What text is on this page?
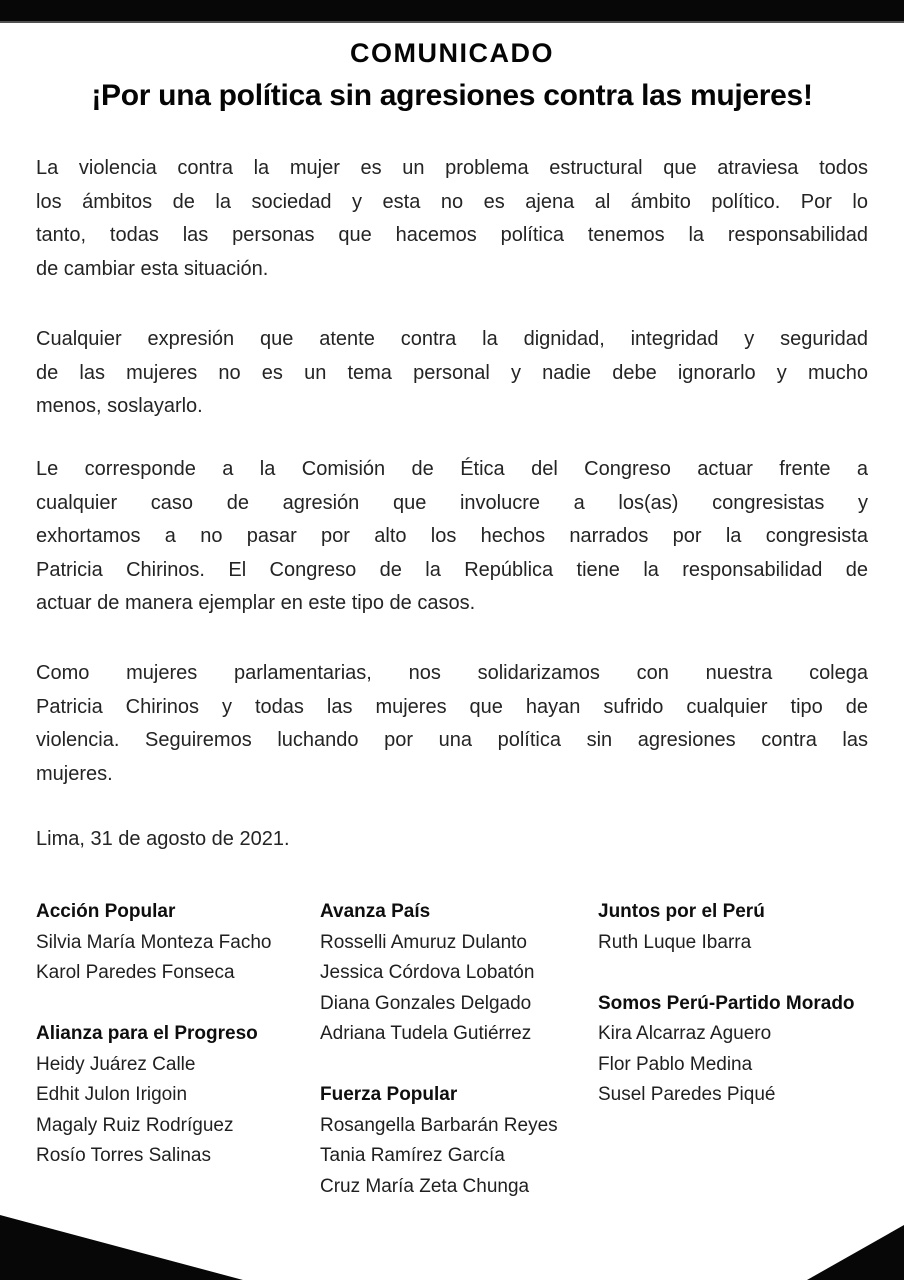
COMUNICADO
¡Por una política sin agresiones contra las mujeres!
La violencia contra la mujer es un problema estructural que atraviesa todos
los ámbitos de la sociedad y esta no es ajena al ámbito político. Por lo
tanto, todas las personas que hacemos política tenemos la responsabilidad
de cambiar esta situación.
Cualquier expresión que atente contra la dignidad, integridad y seguridad
de las mujeres no es un tema personal y nadie debe ignorarlo y mucho
menos, soslayarlo.
Le corresponde a la Comisión de Ética del Congreso actuar frente a
cualquier caso de agresión que involucre a los(as) congresistas y
exhortamos a no pasar por alto los hechos narrados por la congresista
Patricia Chirinos. El Congreso de la República tiene la responsabilidad de
actuar de manera ejemplar en este tipo de casos.
Como mujeres parlamentarias, nos solidarizamos con nuestra colega
Patricia Chirinos y todas las mujeres que hayan sufrido cualquier tipo de
violencia. Seguiremos luchando por una política sin agresiones contra las
mujeres.
Lima, 31 de agosto de 2021.
Acción Popular
Silvia María Monteza Facho
Karol Paredes Fonseca
Alianza para el Progreso
Heidy Juárez Calle
Edhit Julon Irigoin
Magaly Ruiz Rodríguez
Rosío Torres Salinas
Avanza País
Rosselli Amuruz Dulanto
Jessica Córdova Lobatón
Diana Gonzales Delgado
Adriana Tudela Gutiérrez
Fuerza Popular
Rosangella Barbarán Reyes
Tania Ramírez García
Cruz María Zeta Chunga
Juntos por el Perú
Ruth Luque Ibarra
Somos Perú-Partido Morado
Kira Alcarraz Aguero
Flor Pablo Medina
Susel Paredes Piqué
